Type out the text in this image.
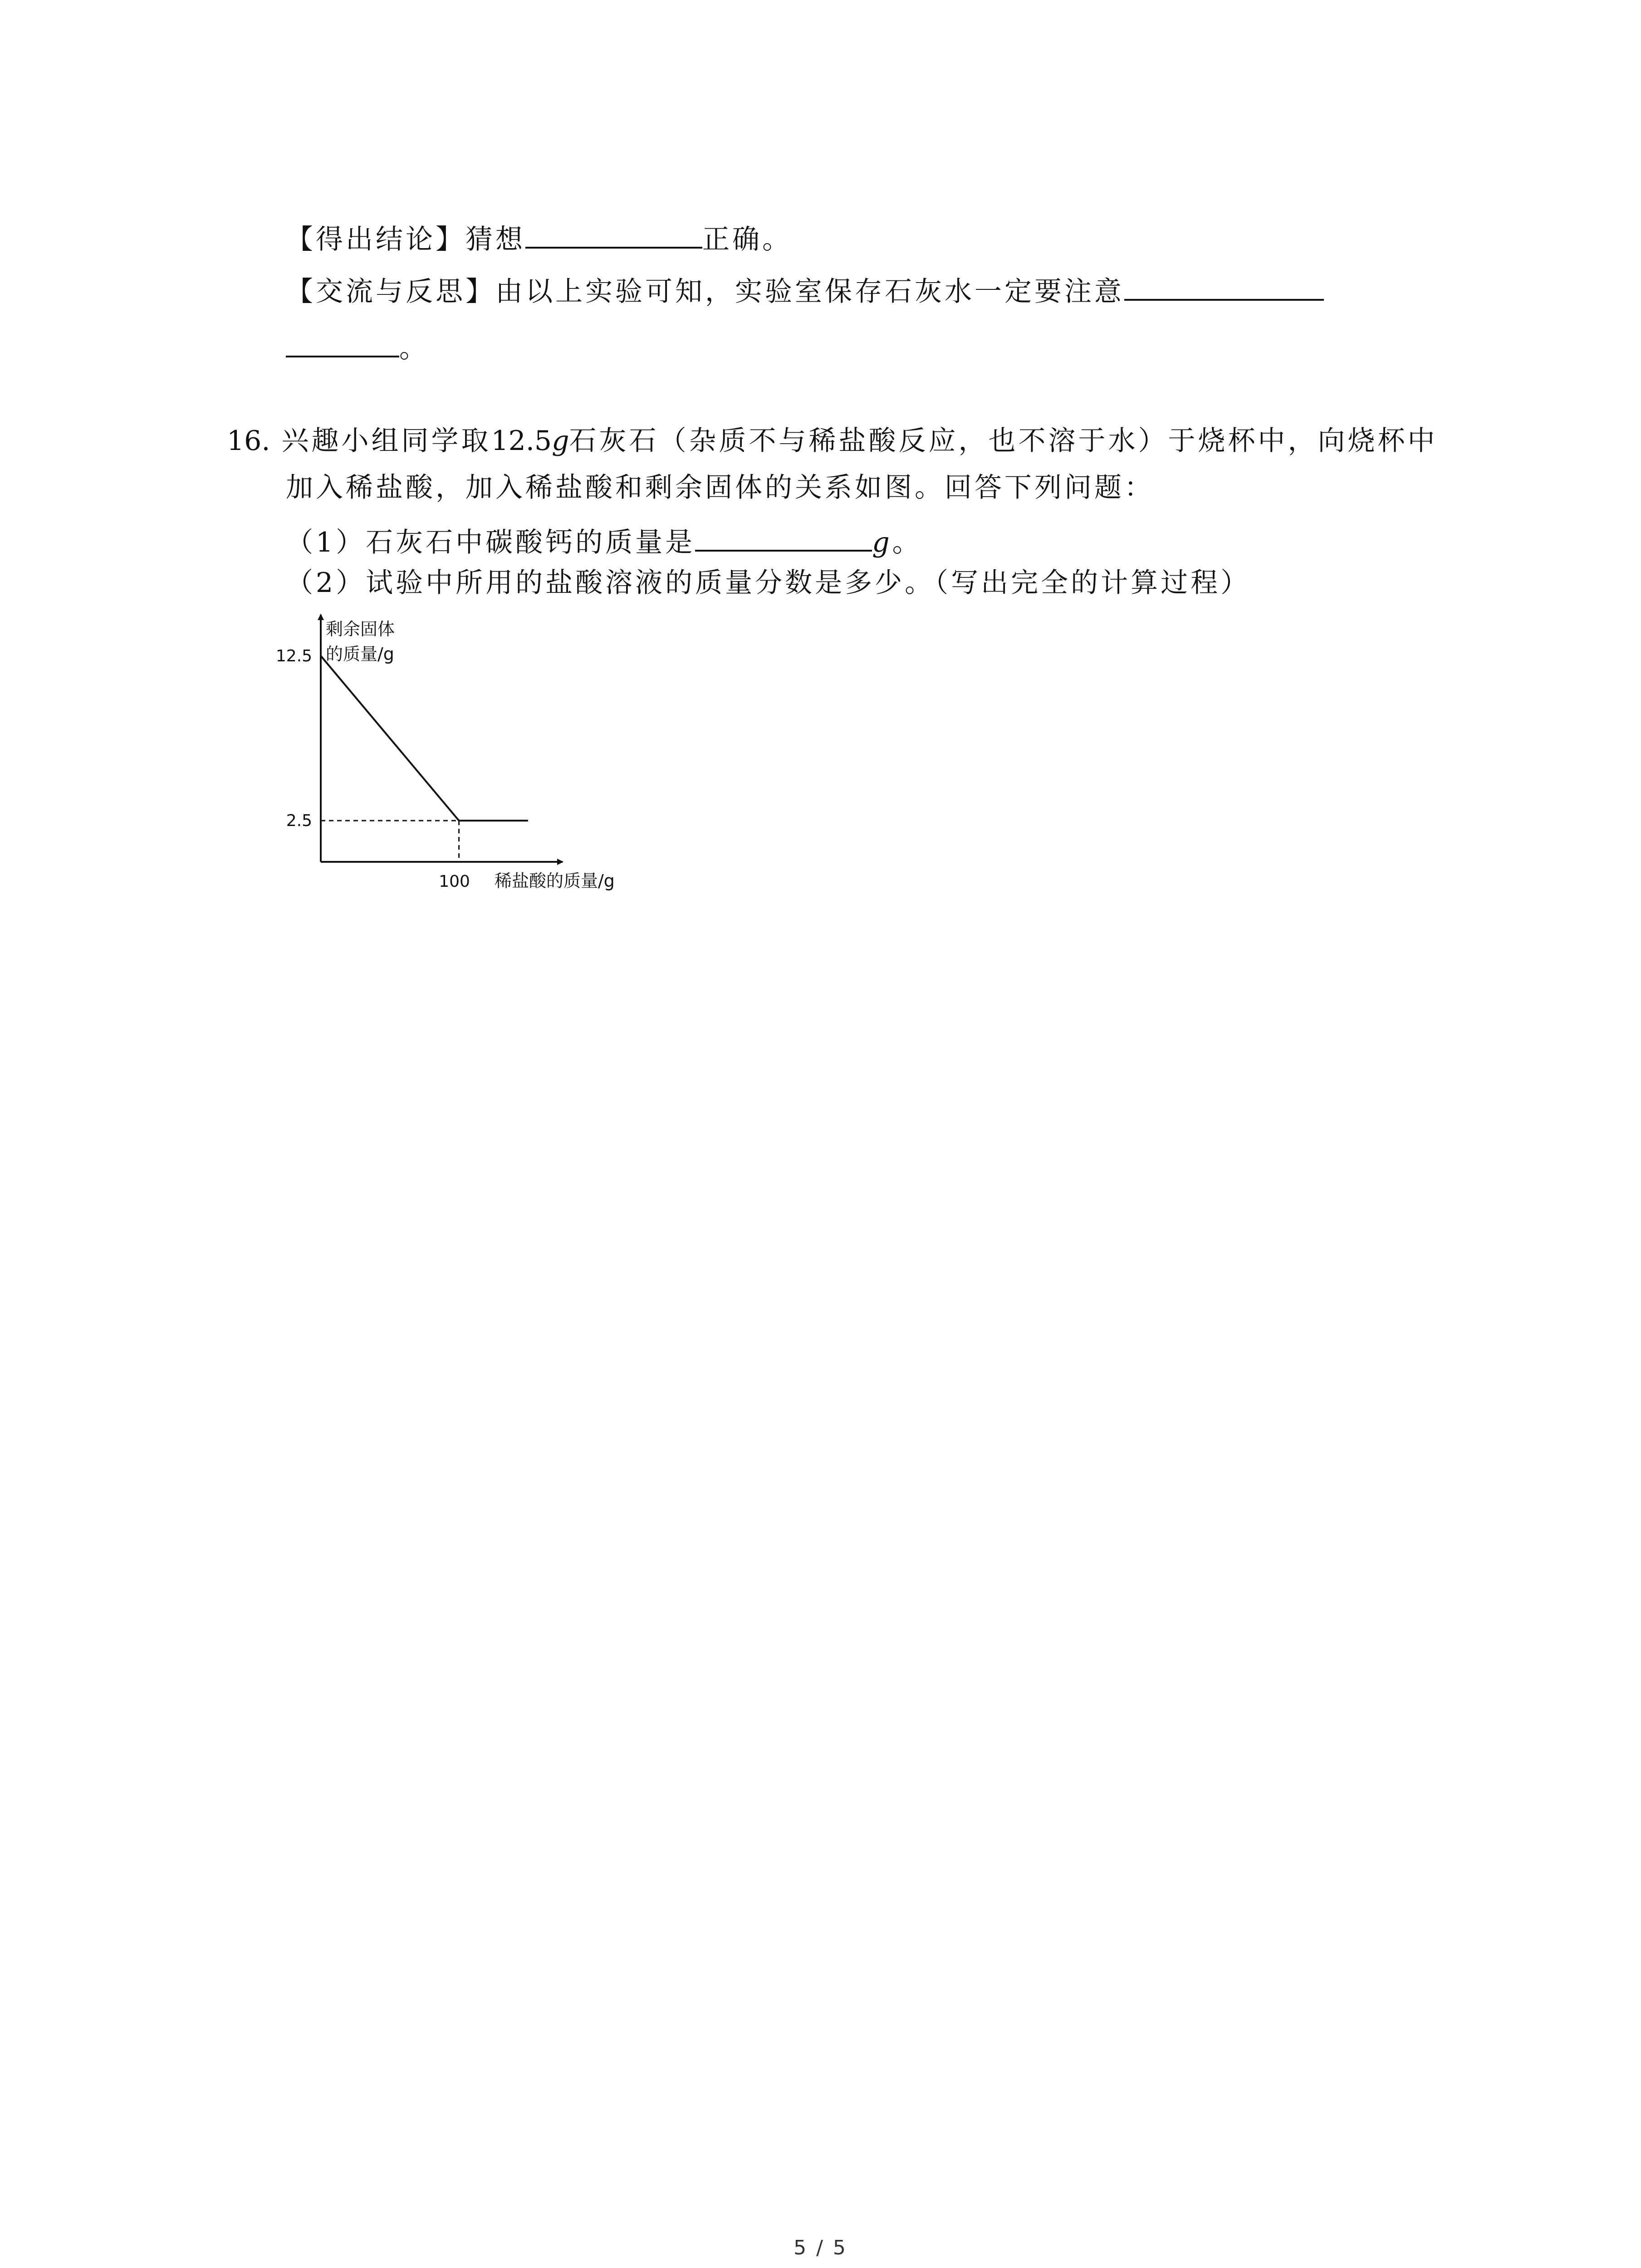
【得出结论】猜想	正确。
【交流与反思】由以上实验可知，实验室保存石灰水一定要注意
。
16. 兴趣小组同学取12.5g石灰石（杂质不与稀盐酸反应，也不溶于水）于烧杯中，向烧杯中
加入稀盐酸，加入稀盐酸和剩余固体的关系如图。回答下列问题：
（1）石灰石中碳酸钙的质量是	g。
（2）试验中所用的盐酸溶液的质量分数是多少。（写出完全的计算过程）
剩余固体
的质量/g
稀盐酸的质量/g
12.5
2.5
100
5 / 5
